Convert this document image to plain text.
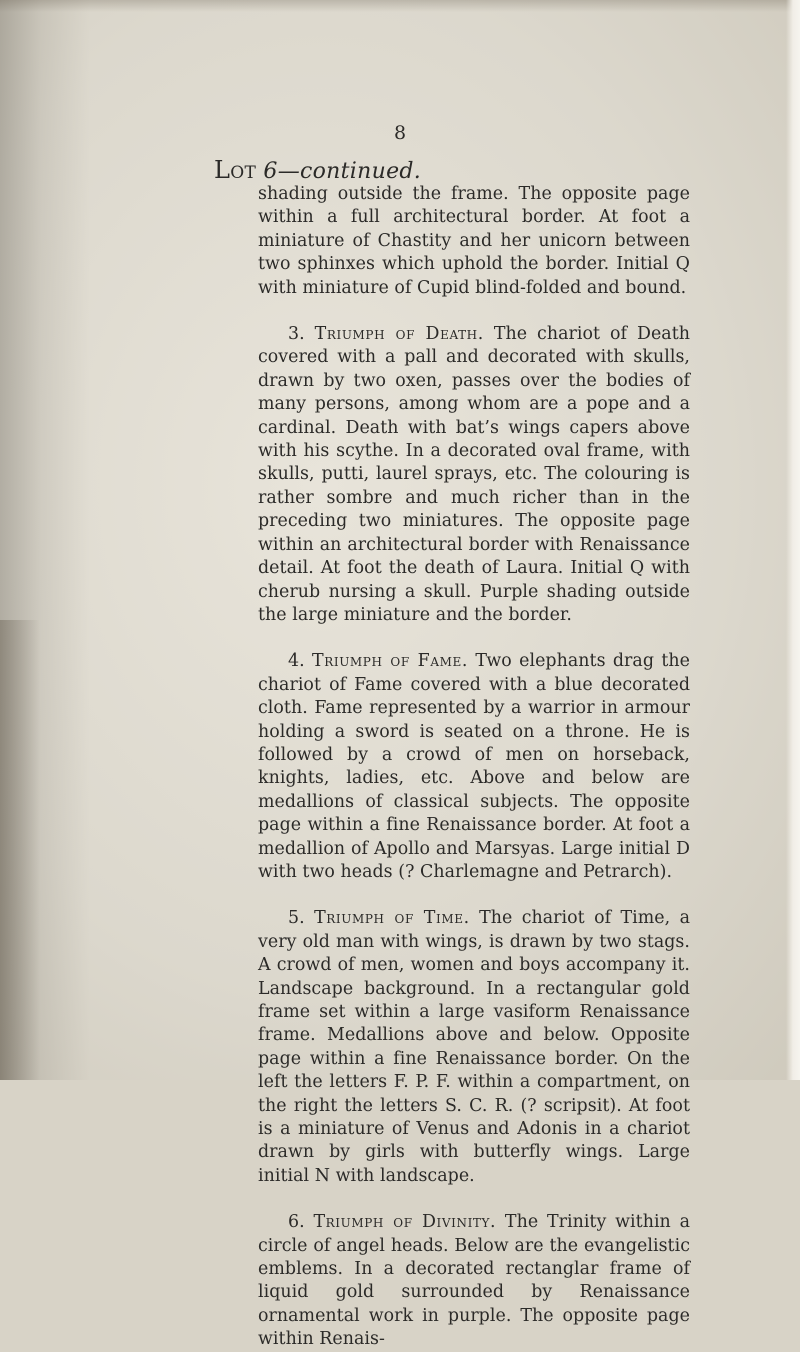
8
Lot 6—continued.

shading outside the frame. The opposite page within a full architectural border. At foot a miniature of Chastity and her unicorn between two sphinxes which uphold the border. Initial Q with miniature of Cupid blind-folded and bound.

3. Triumph of Death. The chariot of Death covered with a pall and decorated with skulls, drawn by two oxen, passes over the bodies of many persons, among whom are a pope and a cardinal. Death with bat’s wings capers above with his scythe. In a decorated oval frame, with skulls, putti, laurel sprays, etc. The colouring is rather sombre and much richer than in the preceding two miniatures. The opposite page within an architectural border with Renaissance detail. At foot the death of Laura. Initial Q with cherub nursing a skull. Purple shading outside the large miniature and the border.

4. Triumph of Fame. Two elephants drag the chariot of Fame covered with a blue decorated cloth. Fame represented by a warrior in armour holding a sword is seated on a throne. He is followed by a crowd of men on horseback, knights, ladies, etc. Above and below are medallions of classical subjects. The opposite page within a fine Renaissance border. At foot a medallion of Apollo and Marsyas. Large initial D with two heads (? Charlemagne and Petrarch).

5. Triumph of Time. The chariot of Time, a very old man with wings, is drawn by two stags. A crowd of men, women and boys accompany it. Landscape background. In a rectangular gold frame set within a large vasiform Renaissance frame. Medallions above and below. Opposite page within a fine Renaissance border. On the left the letters F. P. F. within a compartment, on the right the letters S. C. R. (? scripsit). At foot is a miniature of Venus and Adonis in a chariot drawn by girls with butterfly wings. Large initial N with landscape.

6. Triumph of Divinity. The Trinity within a circle of angel heads. Below are the evangelistic emblems. In a decorated rectanglar frame of liquid gold surrounded by Renaissance ornamental work in purple. The opposite page within Renais-
